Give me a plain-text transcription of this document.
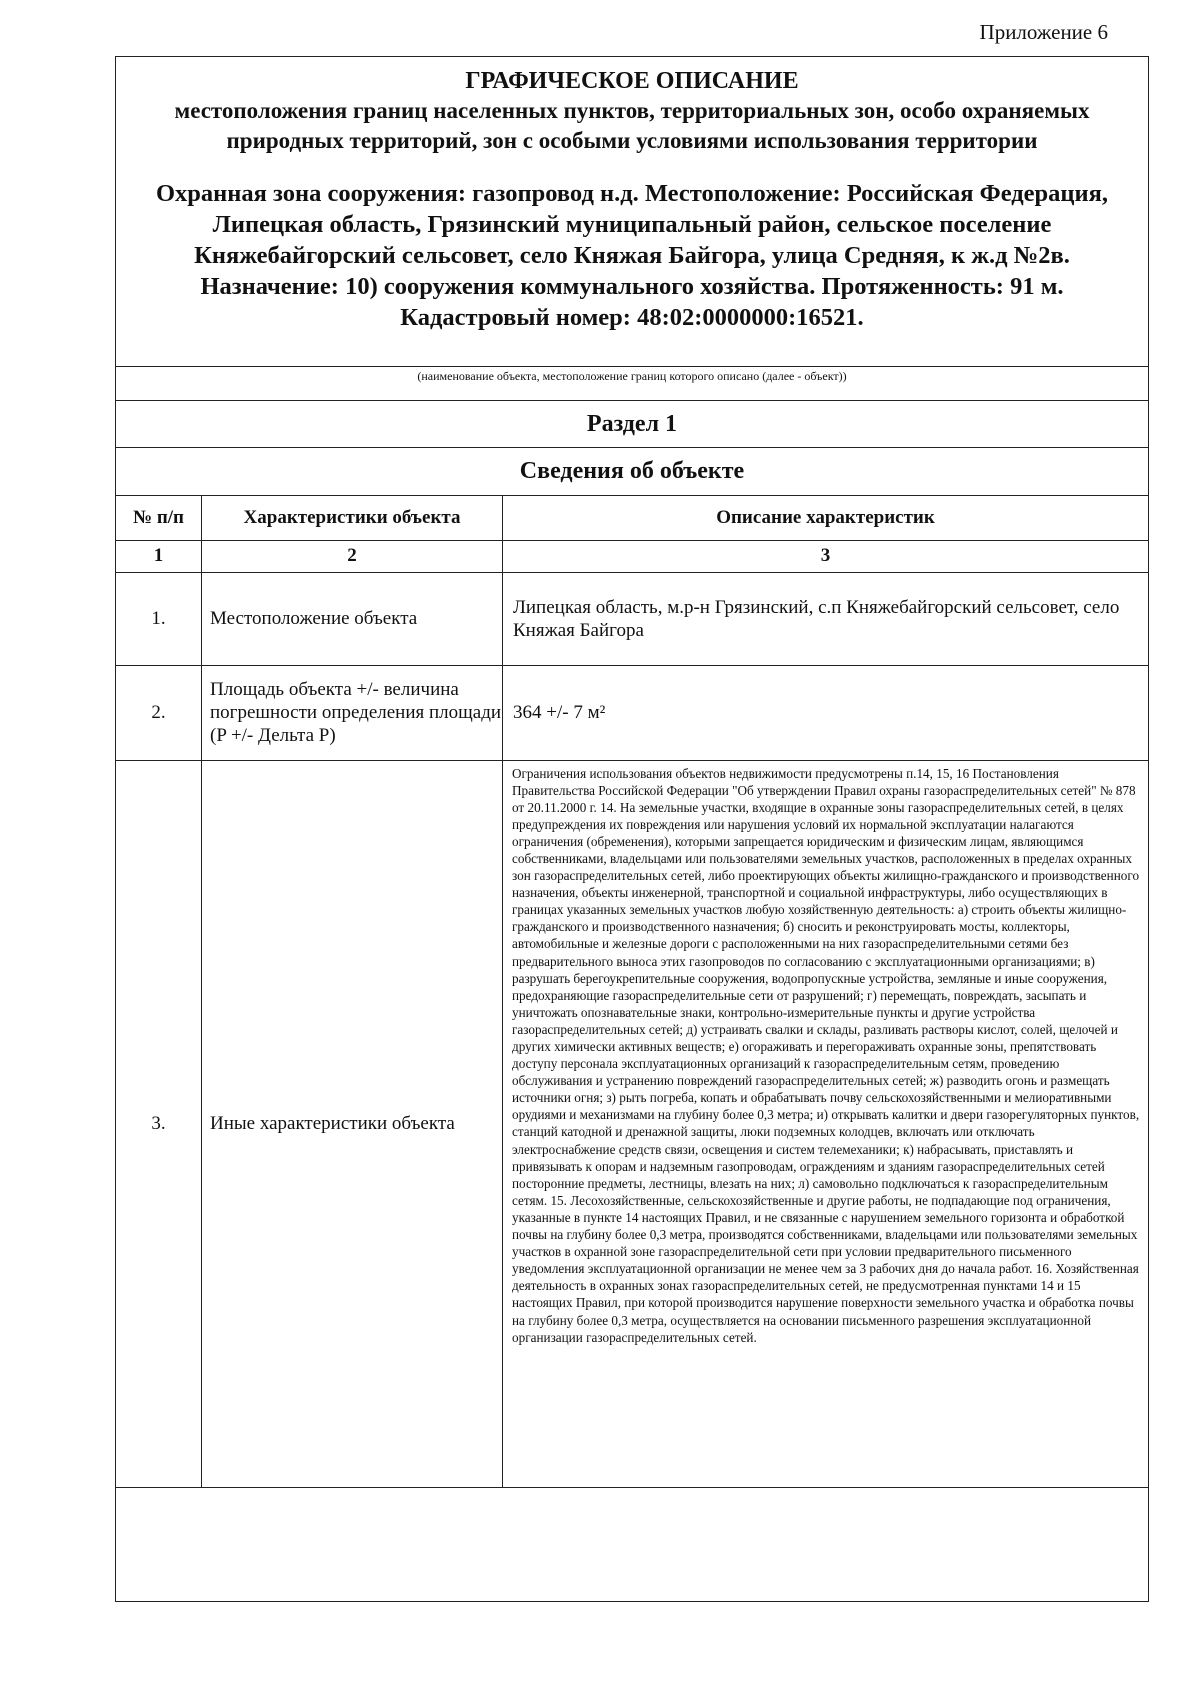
Приложение 6
ГРАФИЧЕСКОЕ ОПИСАНИЕ
местоположения границ населенных пунктов, территориальных зон, особо охраняемых природных территорий, зон с особыми условиями использования территории
Охранная зона сооружения: газопровод н.д. Местоположение: Российская Федерация, Липецкая область, Грязинский муниципальный район, сельское поселение Княжебайгорский сельсовет, село Княжая Байгора, улица Средняя, к ж.д №2в. Назначение: 10) сооружения коммунального хозяйства. Протяженность: 91 м. Кадастровый номер: 48:02:0000000:16521.
(наименование объекта, местоположение границ которого описано (далее - объект))
Раздел 1
Сведения об объекте
№ п/п	Характеристики объекта	Описание характеристик
1	2	3
1.	Местоположение объекта	Липецкая область, м.р-н Грязинский, с.п Княжебайгорский сельсовет, село Княжая Байгора
2.	Площадь объекта +/- величина погрешности определения площади (P +/- Дельта P)	364 +/- 7 м²
3.	Иные характеристики объекта	Ограничения использования объектов недвижимости предусмотрены п.14, 15, 16 Постановления Правительства Российской Федерации "Об утверждении Правил охраны газораспределительных сетей" № 878 от 20.11.2000 г. 14. На земельные участки, входящие в охранные зоны газораспределительных сетей, в целях предупреждения их повреждения или нарушения условий их нормальной эксплуатации налагаются ограничения (обременения), которыми запрещается юридическим и физическим лицам, являющимся собственниками, владельцами или пользователями земельных участков, расположенных в пределах охранных зон газораспределительных сетей, либо проектирующих объекты жилищно-гражданского и производственного назначения, объекты инженерной, транспортной и социальной инфраструктуры, либо осуществляющих в границах указанных земельных участков любую хозяйственную деятельность: а) строить объекты жилищно-гражданского и производственного назначения; б) сносить и реконструировать мосты, коллекторы, автомобильные и железные дороги с расположенными на них газораспределительными сетями без предварительного выноса этих газопроводов по согласованию с эксплуатационными организациями; в) разрушать берегоукрепительные сооружения, водопропускные устройства, земляные и иные сооружения, предохраняющие газораспределительные сети от разрушений; г) перемещать, повреждать, засыпать и уничтожать опознавательные знаки, контрольно-измерительные пункты и другие устройства газораспределительных сетей; д) устраивать свалки и склады, разливать растворы кислот, солей, щелочей и других химически активных веществ; е) огораживать и перегораживать охранные зоны, препятствовать доступу персонала эксплуатационных организаций к газораспределительным сетям, проведению обслуживания и устранению повреждений газораспределительных сетей; ж) разводить огонь и размещать источники огня; з) рыть погреба, копать и обрабатывать почву сельскохозяйственными и мелиоративными орудиями и механизмами на глубину более 0,3 метра; и) открывать калитки и двери газорегуляторных пунктов, станций катодной и дренажной защиты, люки подземных колодцев, включать или отключать электроснабжение средств связи, освещения и систем телемеханики; к) набрасывать, приставлять и привязывать к опорам и надземным газопроводам, ограждениям и зданиям газораспределительных сетей посторонние предметы, лестницы, влезать на них; л) самовольно подключаться к газораспределительным сетям. 15. Лесохозяйственные, сельскохозяйственные и другие работы, не подпадающие под ограничения, указанные в пункте 14 настоящих Правил, и не связанные с нарушением земельного горизонта и обработкой почвы на глубину более 0,3 метра, производятся собственниками, владельцами или пользователями земельных участков в охранной зоне газораспределительной сети при условии предварительного письменного уведомления эксплуатационной организации не менее чем за 3 рабочих дня до начала работ. 16. Хозяйственная деятельность в охранных зонах газораспределительных сетей, не предусмотренная пунктами 14 и 15 настоящих Правил, при которой производится нарушение поверхности земельного участка и обработка почвы на глубину более 0,3 метра, осуществляется на основании письменного разрешения эксплуатационной организации газораспределительных сетей.
